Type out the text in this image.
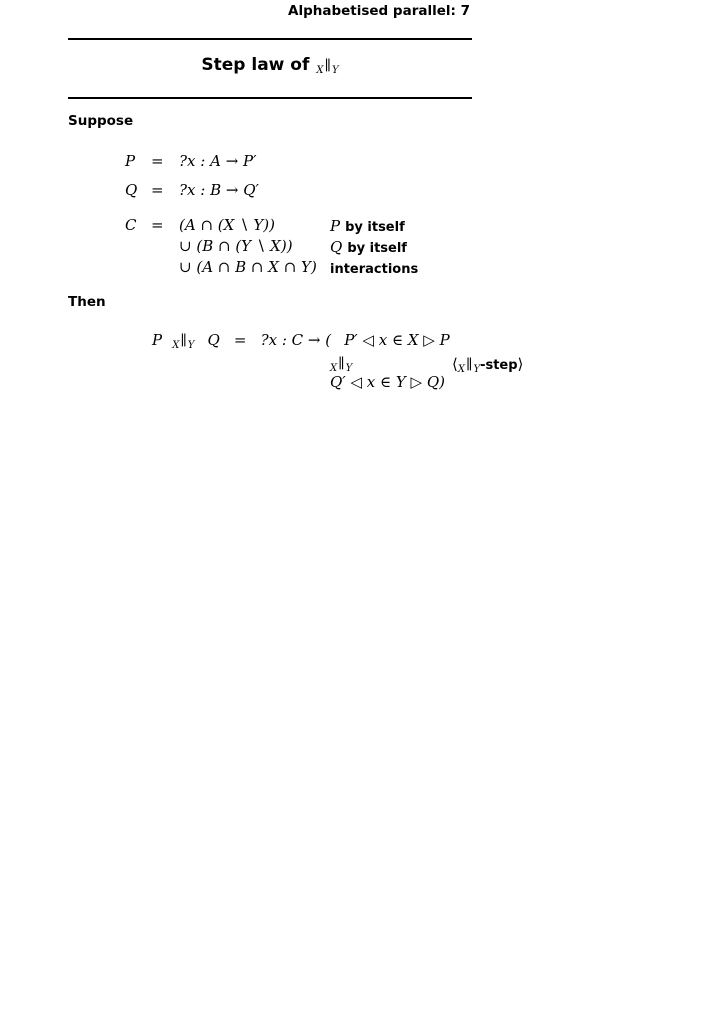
Alphabetised parallel: 7
Step law of $_X\parallel_Y$
Suppose
P = ?x : A → P′
Q = ?x : B → Q′
C = (A ∩ (X ∖ Y))	P by itself
∪ (B ∩ (Y ∖ X)) Q by itself
∪ (A ∩ B ∩ X ∩ Y) interactions
Then
P $_X\parallel_Y$ Q = ?x : C → ( P′ ◁ x ∈ X ▷ P
$_X\parallel_Y$
Q′ ◁ x ∈ Y ▷ Q)
$⟨_X\parallel_Y-step⟩$
